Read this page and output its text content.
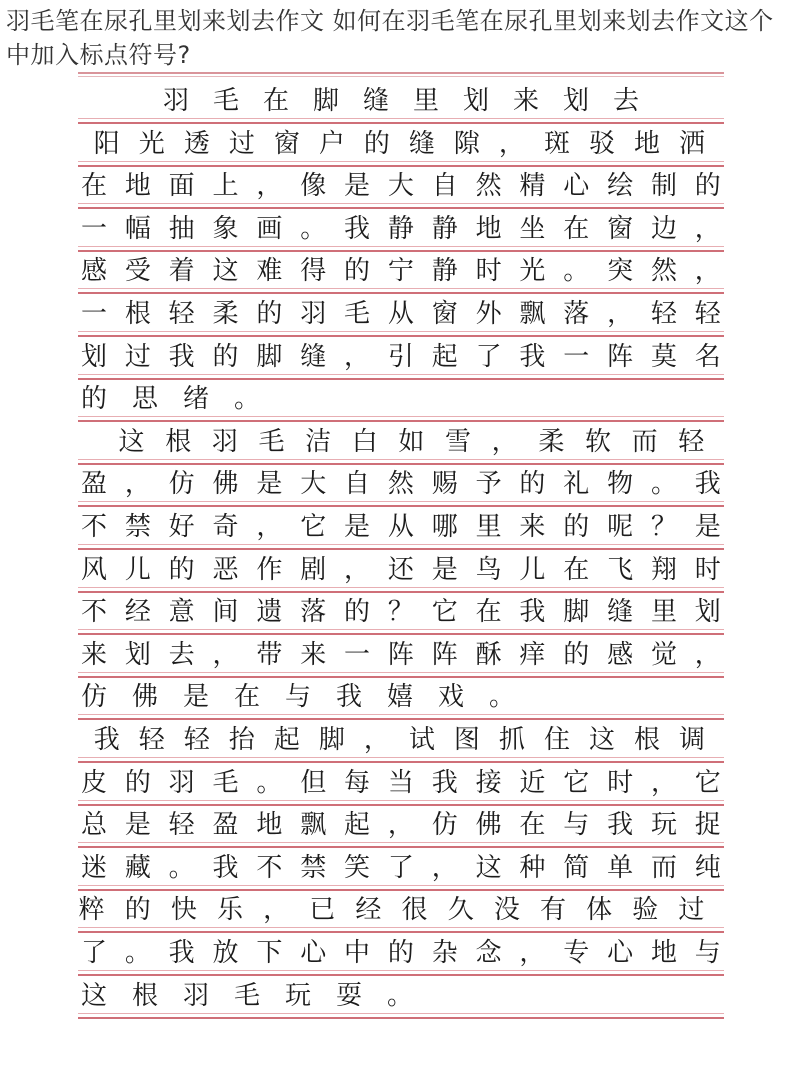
羽毛笔在尿孔里划来划去作文 如何在羽毛笔在尿孔里划来划去作文这个中加入标点符号?
羽 毛 在 脚 缝 里 划 来 划 去
阳 光 透 过 窗 户 的 缝 隙 ， 斑 驳 地 洒
在 地 面 上 ， 像 是 大 自 然 精 心 绘 制 的
一 幅 抽 象 画 。 我 静 静 地 坐 在 窗 边 ，
感 受 着 这 难 得 的 宁 静 时 光 。 突 然 ，
一 根 轻 柔 的 羽 毛 从 窗 外 飘 落 ， 轻 轻
划 过 我 的 脚 缝 ， 引 起 了 我 一 阵 莫 名
的 思 绪 。
这 根 羽 毛 洁 白 如 雪 ， 柔 软 而 轻
盈 ， 仿 佛 是 大 自 然 赐 予 的 礼 物 。 我
不 禁 好 奇 ， 它 是 从 哪 里 来 的 呢 ？ 是
风 儿 的 恶 作 剧 ， 还 是 鸟 儿 在 飞 翔 时
不 经 意 间 遗 落 的 ？ 它 在 我 脚 缝 里 划
来 划 去 ， 带 来 一 阵 阵 酥 痒 的 感 觉 ，
仿 佛 是 在 与 我 嬉 戏 。
我 轻 轻 抬 起 脚 ， 试 图 抓 住 这 根 调
皮 的 羽 毛 。 但 每 当 我 接 近 它 时 ， 它
总 是 轻 盈 地 飘 起 ， 仿 佛 在 与 我 玩 捉
迷 藏 。 我 不 禁 笑 了 ， 这 种 简 单 而 纯
粹 的 快 乐 ， 已 经 很 久 没 有 体 验 过
了 。 我 放 下 心 中 的 杂 念 ， 专 心 地 与
这 根 羽 毛 玩 耍 。
